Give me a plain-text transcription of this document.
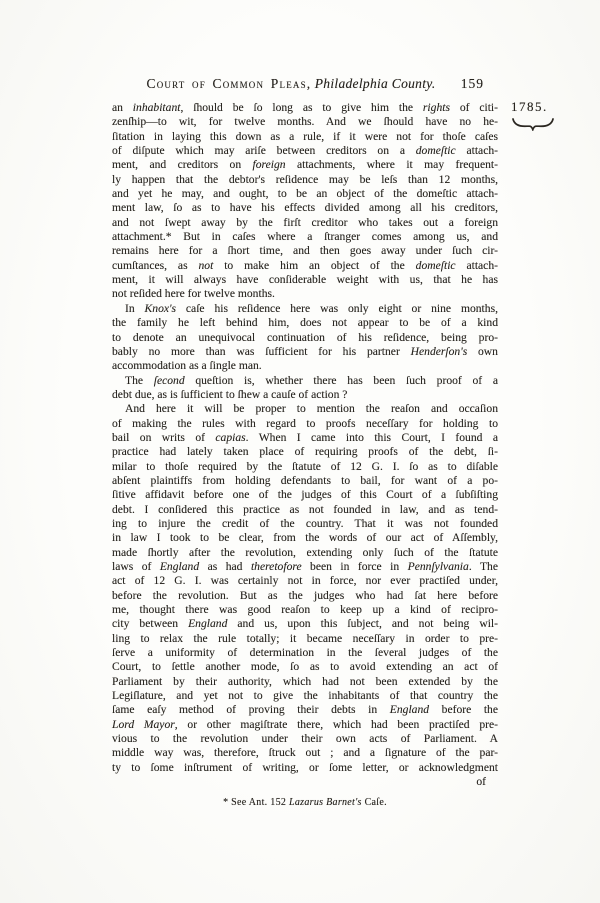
Court of Common Pleas, Philadelphia County.	159
1785.
an inhabitant, ſhould be ſo long as to give him the rights of citi-
zenſhip—to wit, for twelve months. And we ſhould have no he-
ſitation in laying this down as a rule, if it were not for thoſe caſes
of diſpute which may ariſe between creditors on a domeſtic attach-
ment, and creditors on foreign attachments, where it may frequent-
ly happen that the debtor's reſidence may be leſs than 12 months,
and yet he may, and ought, to be an object of the domeſtic attach-
ment law, ſo as to have his effects divided among all his creditors,
and not ſwept away by the firſt creditor who takes out a foreign
attachment.* But in caſes where a ſtranger comes among us, and
remains here for a ſhort time, and then goes away under ſuch cir-
cumſtances, as not to make him an object of the domeſtic attach-
ment, it will always have conſiderable weight with us, that he has
not reſided here for twelve months.
In Knox's caſe his reſidence here was only eight or nine months,
the family he left behind him, does not appear to be of a kind
to denote an unequivocal continuation of his reſidence, being pro-
bably no more than was ſufficient for his partner Henderſon's own
accommodation as a ſingle man.
The ſecond queſtion is, whether there has been ſuch proof of a
debt due, as is ſufficient to ſhew a cauſe of action ?
And here it will be proper to mention the reaſon and occaſion
of making the rules with regard to proofs neceſſary for holding to
bail on writs of capias. When I came into this Court, I found a
practice had lately taken place of requiring proofs of the debt, ſi-
milar to thoſe required by the ſtatute of 12 G. I. ſo as to diſable
abſent plaintiffs from holding defendants to bail, for want of a po-
ſitive affidavit before one of the judges of this Court of a ſubſiſting
debt. I conſidered this practice as not founded in law, and as tend-
ing to injure the credit of the country. That it was not founded
in law I took to be clear, from the words of our act of Aſſembly,
made ſhortly after the revolution, extending only ſuch of the ſtatute
laws of England as had theretofore been in force in Pennſylvania. The
act of 12 G. I. was certainly not in force, nor ever practiſed under,
before the revolution. But as the judges who had ſat here before
me, thought there was good reaſon to keep up a kind of recipro-
city between England and us, upon this ſubject, and not being wil-
ling to relax the rule totally; it became neceſſary in order to pre-
ſerve a uniformity of determination in the ſeveral judges of the
Court, to ſettle another mode, ſo as to avoid extending an act of
Parliament by their authority, which had not been extended by the
Legiſlature, and yet not to give the inhabitants of that country the
ſame eaſy method of proving their debts in England before the
Lord Mayor, or other magiſtrate there, which had been practiſed pre-
vious to the revolution under their own acts of Parliament. A
middle way was, therefore, ſtruck out ; and a ſignature of the par-
ty to ſome inſtrument of writing, or ſome letter, or acknowledgment
of
* See Ant. 152 Lazarus Barnet's Caſe.
